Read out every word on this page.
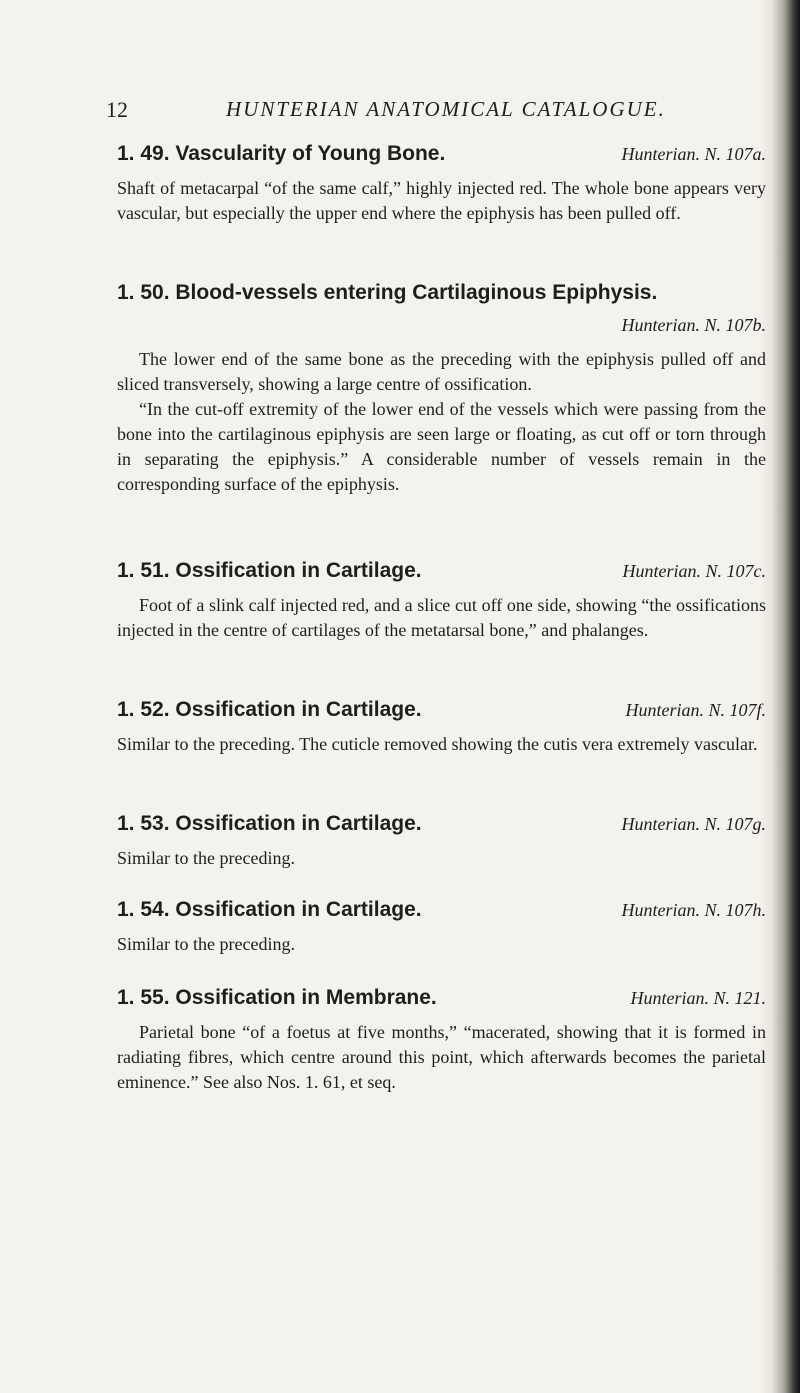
12	HUNTERIAN ANATOMICAL CATALOGUE.
1. 49. Vascularity of Young Bone.	Hunterian. N. 107a.

Shaft of metacarpal “of the same calf,” highly injected red. The whole bone appears very vascular, but especially the upper end where the epiphysis has been pulled off.

1. 50. Blood-vessels entering Cartilaginous Epiphysis.
Hunterian. N. 107b.

The lower end of the same bone as the preceding with the epiphysis pulled off and sliced transversely, showing a large centre of ossification.

“In the cut-off extremity of the lower end of the vessels which were passing from the bone into the cartilaginous epiphysis are seen large or floating, as cut off or torn through in separating the epiphysis.” A considerable number of vessels remain in the corresponding surface of the epiphysis.

1. 51. Ossification in Cartilage.	Hunterian. N. 107c.

Foot of a slink calf injected red, and a slice cut off one side, showing “the ossifications injected in the centre of cartilages of the metatarsal bone,” and phalanges.

1. 52. Ossification in Cartilage.	Hunterian. N. 107f.

Similar to the preceding. The cuticle removed showing the cutis vera extremely vascular.

1. 53. Ossification in Cartilage.	Hunterian. N. 107g.

Similar to the preceding.

1. 54. Ossification in Cartilage.	Hunterian. N. 107h.

Similar to the preceding.

1. 55. Ossification in Membrane.	Hunterian. N. 121.

Parietal bone “of a foetus at five months,” “macerated, showing that it is formed in radiating fibres, which centre around this point, which afterwards becomes the parietal eminence.” See also Nos. 1. 61, et seq.
